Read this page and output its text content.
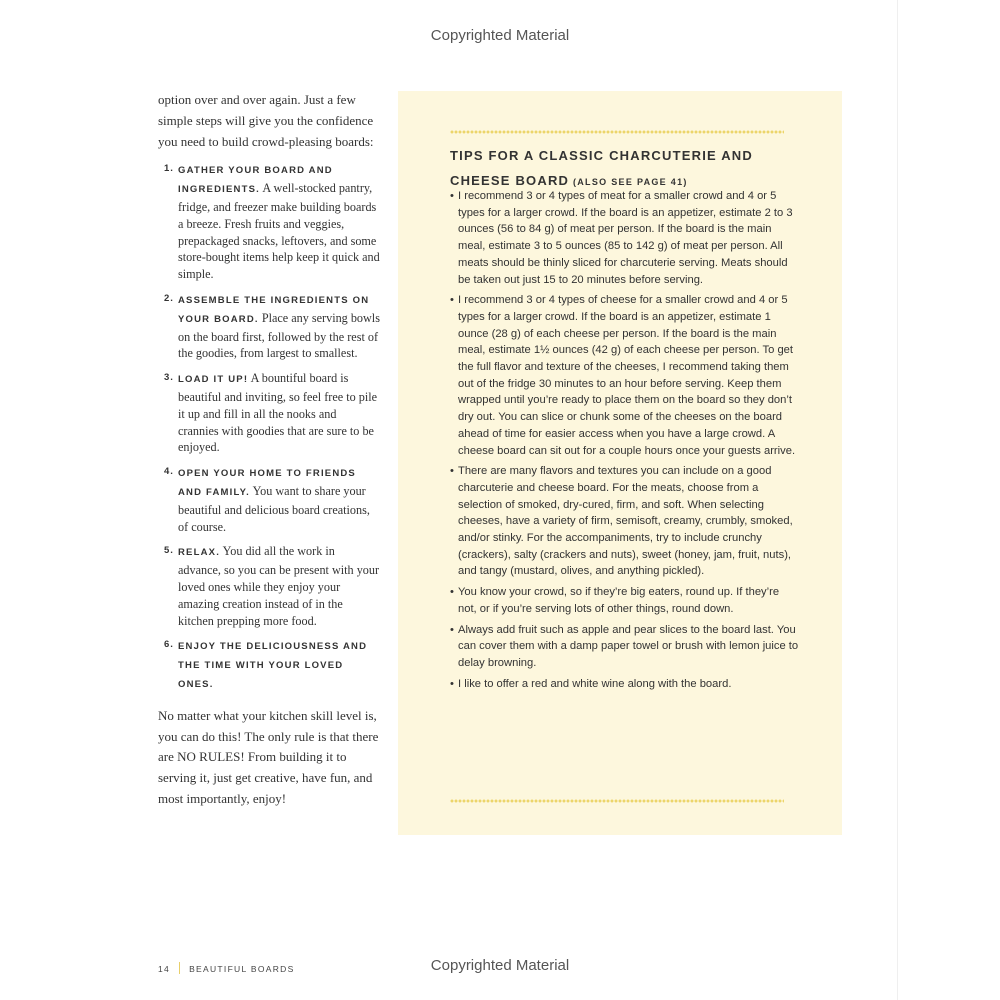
Copyrighted Material

option over and over again. Just a few simple steps will give you the confidence you need to build crowd-pleasing boards:

1. GATHER YOUR BOARD AND INGREDIENTS. A well-stocked pantry, fridge, and freezer make building boards a breeze. Fresh fruits and veggies, prepackaged snacks, leftovers, and some store-bought items help keep it quick and simple.
2. ASSEMBLE THE INGREDIENTS ON YOUR BOARD. Place any serving bowls on the board first, followed by the rest of the goodies, from largest to smallest.
3. LOAD IT UP! A bountiful board is beautiful and inviting, so feel free to pile it up and fill in all the nooks and crannies with goodies that are sure to be enjoyed.
4. OPEN YOUR HOME TO FRIENDS AND FAMILY. You want to share your beautiful and delicious board creations, of course.
5. RELAX. You did all the work in advance, so you can be present with your loved ones while they enjoy your amazing creation instead of in the kitchen prepping more food.
6. ENJOY THE DELICIOUSNESS AND THE TIME WITH YOUR LOVED ONES.

No matter what your kitchen skill level is, you can do this! The only rule is that there are NO RULES! From building it to serving it, just get creative, have fun, and most importantly, enjoy!

TIPS FOR A CLASSIC CHARCUTERIE AND CHEESE BOARD (ALSO SEE PAGE 41)
• I recommend 3 or 4 types of meat for a smaller crowd and 4 or 5 types for a larger crowd. If the board is an appetizer, estimate 2 to 3 ounces (56 to 84 g) of meat per person. If the board is the main meal, estimate 3 to 5 ounces (85 to 142 g) of meat per person. All meats should be thinly sliced for charcuterie serving. Meats should be taken out just 15 to 20 minutes before serving.
• I recommend 3 or 4 types of cheese for a smaller crowd and 4 or 5 types for a larger crowd. If the board is an appetizer, estimate 1 ounce (28 g) of each cheese per person. If the board is the main meal, estimate 1½ ounces (42 g) of each cheese per person. To get the full flavor and texture of the cheeses, I recommend taking them out of the fridge 30 minutes to an hour before serving. Keep them wrapped until you’re ready to place them on the board so they don’t dry out. You can slice or chunk some of the cheeses on the board ahead of time for easier access when you have a large crowd. A cheese board can sit out for a couple hours once your guests arrive.
• There are many flavors and textures you can include on a good charcuterie and cheese board. For the meats, choose from a selection of smoked, dry-cured, firm, and soft. When selecting cheeses, have a variety of firm, semisoft, creamy, crumbly, smoked, and/or stinky. For the accompaniments, try to include crunchy (crackers), salty (crackers and nuts), sweet (honey, jam, fruit, nuts), and tangy (mustard, olives, and anything pickled).
• You know your crowd, so if they’re big eaters, round up. If they’re not, or if you’re serving lots of other things, round down.
• Always add fruit such as apple and pear slices to the board last. You can cover them with a damp paper towel or brush with lemon juice to delay browning.
• I like to offer a red and white wine along with the board.
14 BEAUTIFUL BOARDS	Copyrighted Material
